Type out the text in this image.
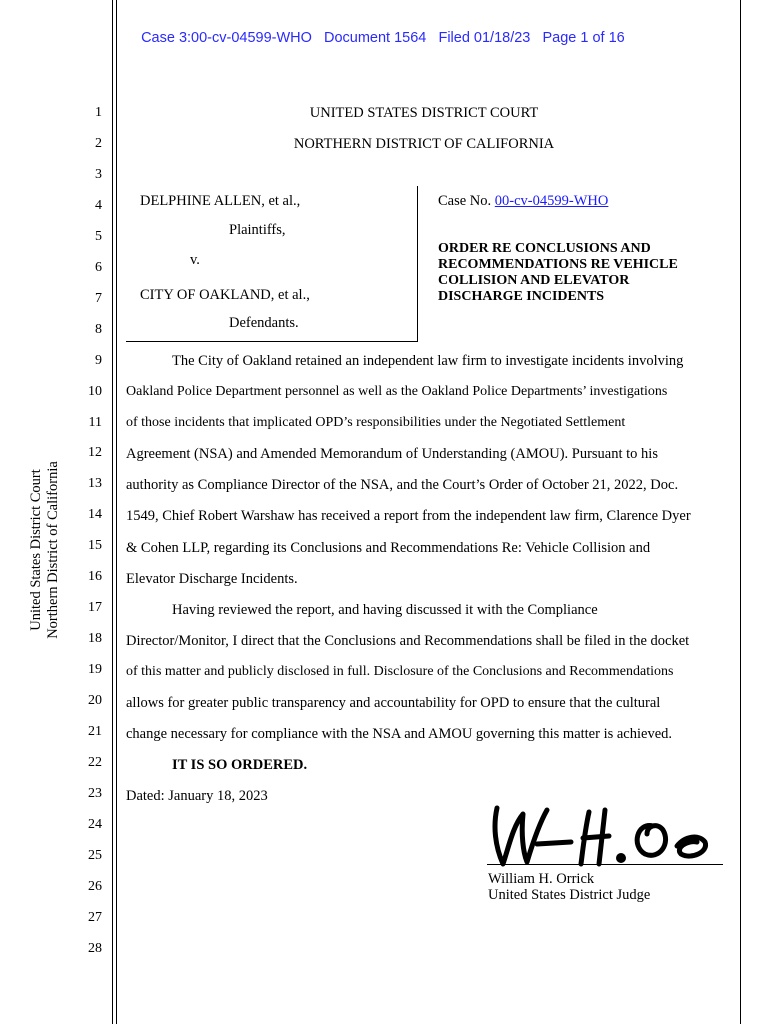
Case 3:00-cv-04599-WHO Document 1564 Filed 01/18/23 Page 1 of 16

United States District Court Northern District of California
1
2
3
4
5
6
7
8
9
10
11
12
13
14
15
16
17
18
19
20
21
22
23
24
25
26
27
28
UNITED STATES DISTRICT COURT
NORTHERN DISTRICT OF CALIFORNIA
DELPHINE ALLEN, et al.,
Plaintiffs,
v.
CITY OF OAKLAND, et al.,
Defendants.
Case No. 00-cv-04599-WHO
ORDER RE CONCLUSIONS AND
RECOMMENDATIONS RE VEHICLE
COLLISION AND ELEVATOR
DISCHARGE INCIDENTS
The City of Oakland retained an independent law firm to investigate incidents involving
Oakland Police Department personnel as well as the Oakland Police Departments’ investigations
of those incidents that implicated OPD’s responsibilities under the Negotiated Settlement
Agreement (NSA) and Amended Memorandum of Understanding (AMOU). Pursuant to his
authority as Compliance Director of the NSA, and the Court’s Order of October 21, 2022, Doc.
1549, Chief Robert Warshaw has received a report from the independent law firm, Clarence Dyer
& Cohen LLP, regarding its Conclusions and Recommendations Re: Vehicle Collision and
Elevator Discharge Incidents.
Having reviewed the report, and having discussed it with the Compliance
Director/Monitor, I direct that the Conclusions and Recommendations shall be filed in the docket
of this matter and publicly disclosed in full. Disclosure of the Conclusions and Recommendations
allows for greater public transparency and accountability for OPD to ensure that the cultural
change necessary for compliance with the NSA and AMOU governing this matter is achieved.
IT IS SO ORDERED.
Dated: January 18, 2023
William H. Orrick
United States District Judge
